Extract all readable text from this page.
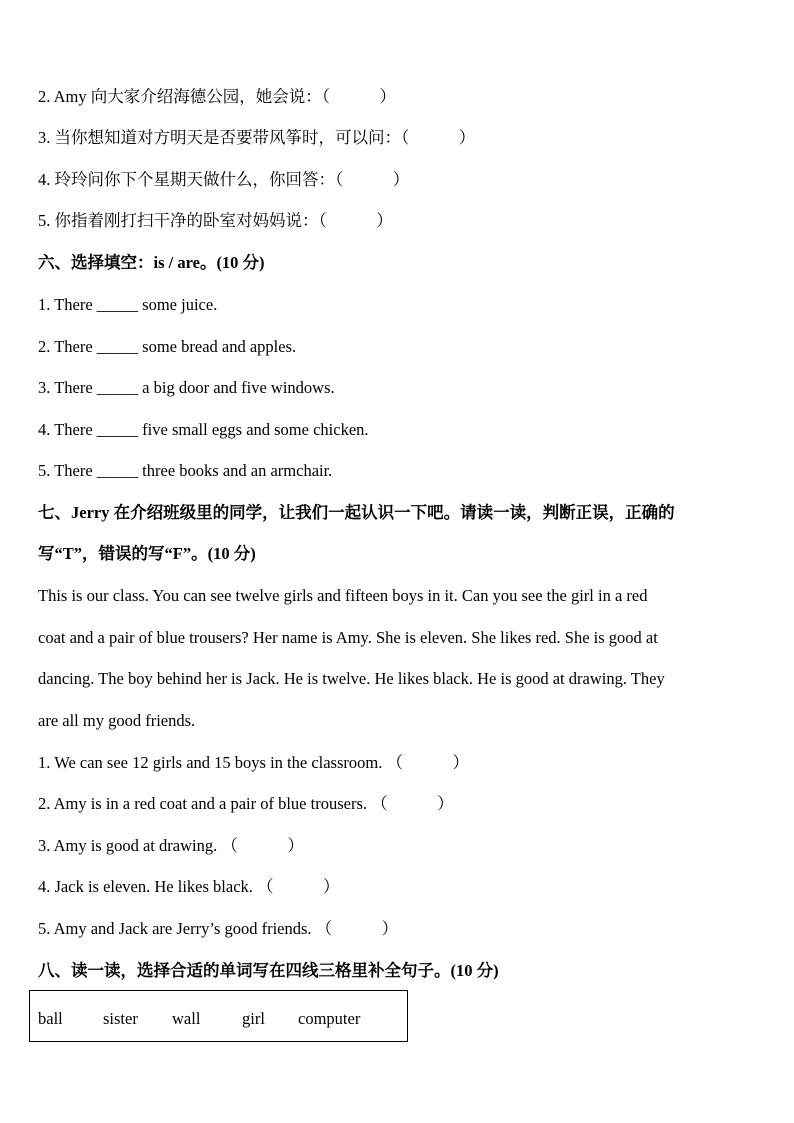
2. Amy 向大家介绍海德公园，她会说：（　　　）
3. 当你想知道对方明天是否要带风筝时，可以问：（　　　）
4. 玲玲问你下个星期天做什么，你回答：（　　　）
5. 你指着刚打扫干净的卧室对妈妈说：（　　　）
六、选择填空：is / are。(10 分)
1. There _____ some juice.
2. There _____ some bread and apples.
3. There _____ a big door and five windows.
4. There _____ five small eggs and some chicken.
5. There _____ three books and an armchair.
七、Jerry 在介绍班级里的同学，让我们一起认识一下吧。请读一读，判断正误，正确的
写“T”，错误的写“F”。(10 分)
This is our class. You can see twelve girls and fifteen boys in it. Can you see the girl in a red
coat and a pair of blue trousers? Her name is Amy. She is eleven. She likes red. She is good at
dancing. The boy behind her is Jack. He is twelve. He likes black. He is good at drawing. They
are all my good friends.
1. We can see 12 girls and 15 boys in the classroom. （　　　）
2. Amy is in a red coat and a pair of blue trousers. （　　　）
3. Amy is good at drawing. （　　　）
4. Jack is eleven. He likes black. （　　　）
5. Amy and Jack are Jerry’s good friends. （　　　）
八、读一读，选择合适的单词写在四线三格里补全句子。(10 分)
ball sister wall	girl computer
